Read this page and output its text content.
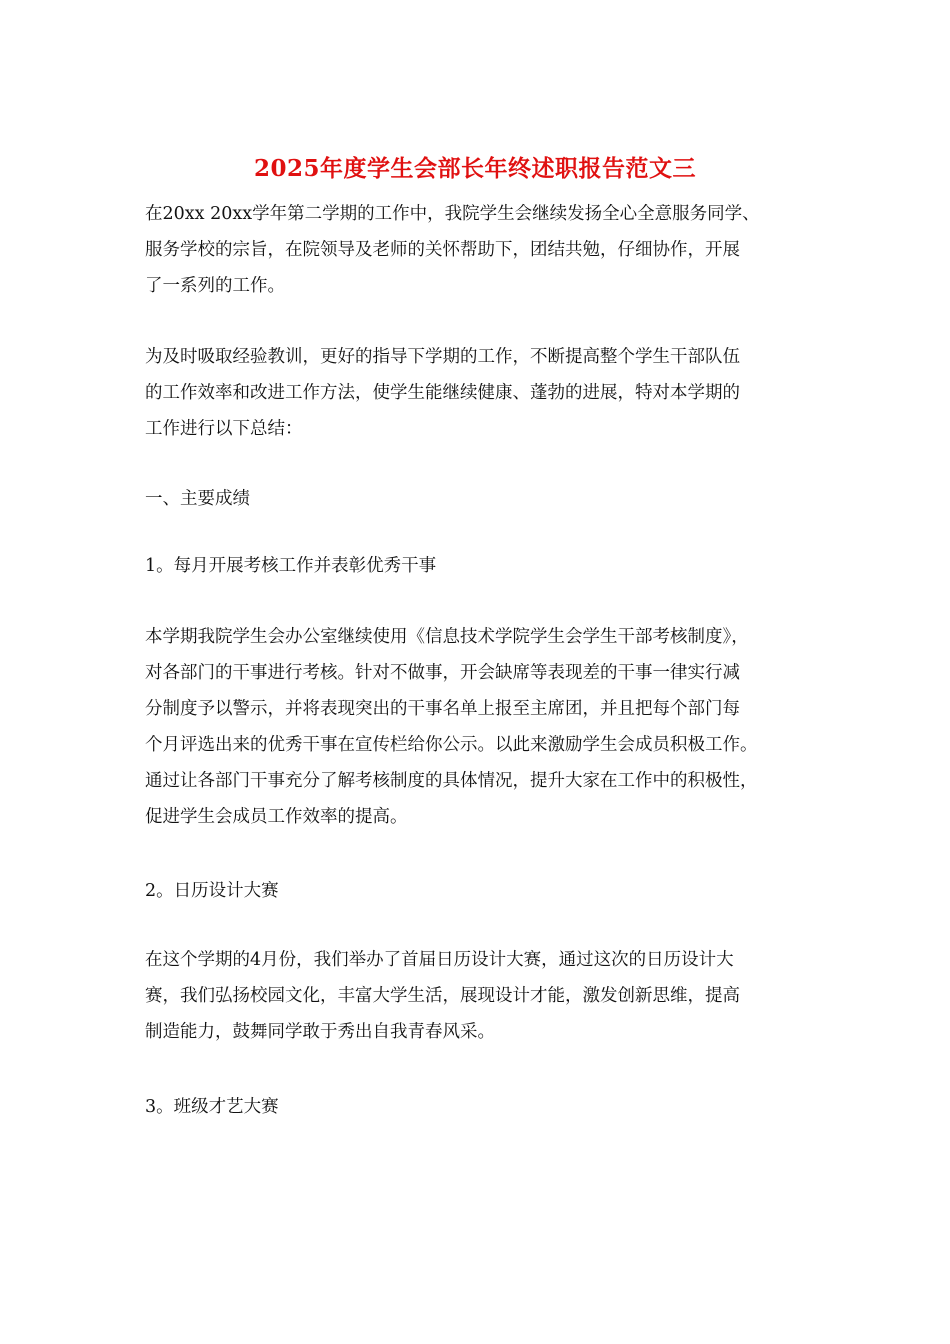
2025年度学生会部长年终述职报告范文三
在20xx 20xx学年第二学期的工作中，我院学生会继续发扬全心全意服务同学、
服务学校的宗旨，在院领导及老师的关怀帮助下，团结共勉，仔细协作，开展
了一系列的工作。
为及时吸取经验教训，更好的指导下学期的工作，不断提高整个学生干部队伍
的工作效率和改进工作方法，使学生能继续健康、蓬勃的进展，特对本学期的
工作进行以下总结：
一、主要成绩
1。每月开展考核工作并表彰优秀干事
本学期我院学生会办公室继续使用《信息技术学院学生会学生干部考核制度》，
对各部门的干事进行考核。针对不做事，开会缺席等表现差的干事一律实行减
分制度予以警示，并将表现突出的干事名单上报至主席团，并且把每个部门每
个月评选出来的优秀干事在宣传栏给你公示。以此来激励学生会成员积极工作。
通过让各部门干事充分了解考核制度的具体情况，提升大家在工作中的积极性，
促进学生会成员工作效率的提高。
2。日历设计大赛
在这个学期的4月份，我们举办了首届日历设计大赛，通过这次的日历设计大
赛，我们弘扬校园文化，丰富大学生活，展现设计才能，激发创新思维，提高
制造能力，鼓舞同学敢于秀出自我青春风采。
3。班级才艺大赛
